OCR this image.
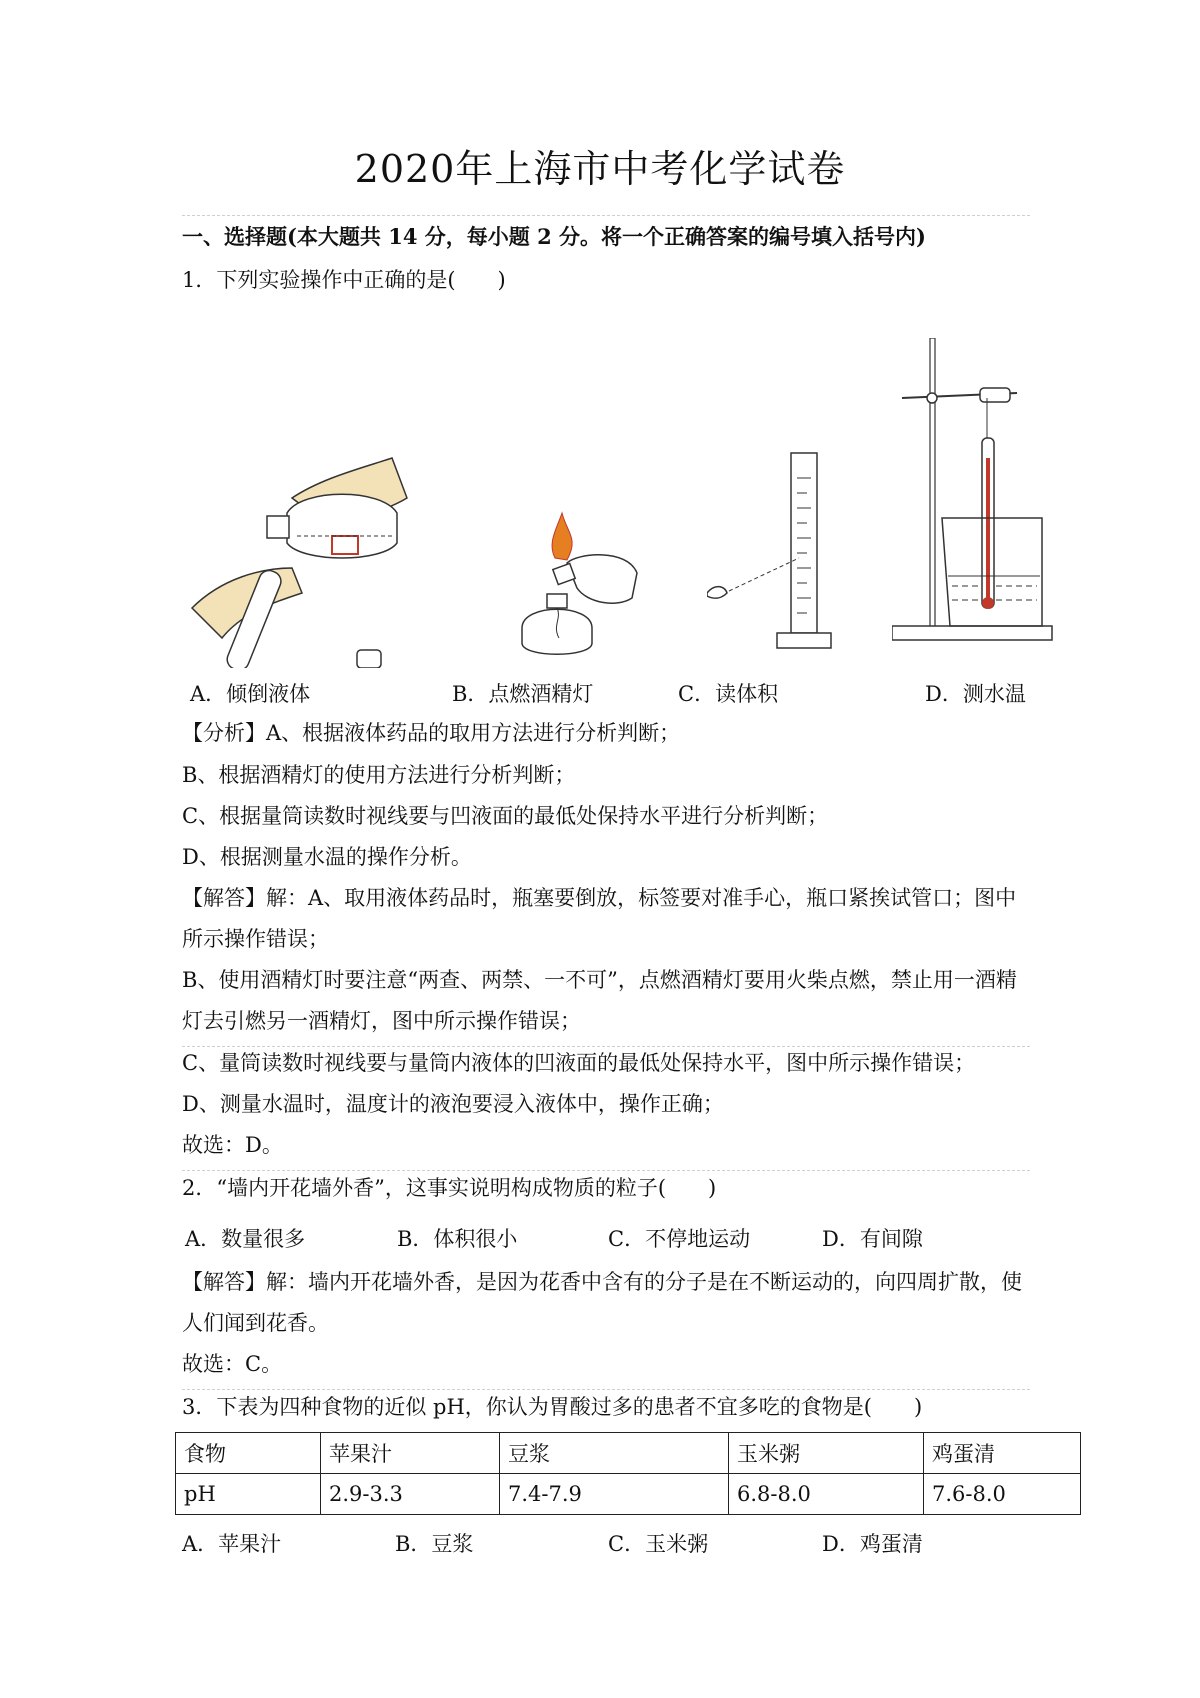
2020年上海市中考化学试卷
一、选择题(本大题共 14 分，每小题 2 分。将一个正确答案的编号填入括号内)
1．下列实验操作中正确的是(　　)
A．倾倒液体	B．点燃酒精灯	C．读体积	D．测水温
【分析】A、根据液体药品的取用方法进行分析判断；
B、根据酒精灯的使用方法进行分析判断；
C、根据量筒读数时视线要与凹液面的最低处保持水平进行分析判断；
D、根据测量水温的操作分析。
【解答】解：A、取用液体药品时，瓶塞要倒放，标签要对准手心，瓶口紧挨试管口；图中
所示操作错误；
B、使用酒精灯时要注意“两查、两禁、一不可”，点燃酒精灯要用火柴点燃，禁止用一酒精
灯去引燃另一酒精灯，图中所示操作错误；
C、量筒读数时视线要与量筒内液体的凹液面的最低处保持水平，图中所示操作错误；
D、测量水温时，温度计的液泡要浸入液体中，操作正确；
故选：D。
2．“墙内开花墙外香”，这事实说明构成物质的粒子(　　)
A．数量很多	B．体积很小	C．不停地运动	D．有间隙
【解答】解：墙内开花墙外香，是因为花香中含有的分子是在不断运动的，向四周扩散，使
人们闻到花香。
故选：C。
3．下表为四种食物的近似 pH，你认为胃酸过多的患者不宜多吃的食物是(　　)
食物	苹果汁	豆浆	玉米粥	鸡蛋清
pH	2.9-3.3	7.4-7.9	6.8-8.0	7.6-8.0
A．苹果汁	B．豆浆	C．玉米粥	D．鸡蛋清
